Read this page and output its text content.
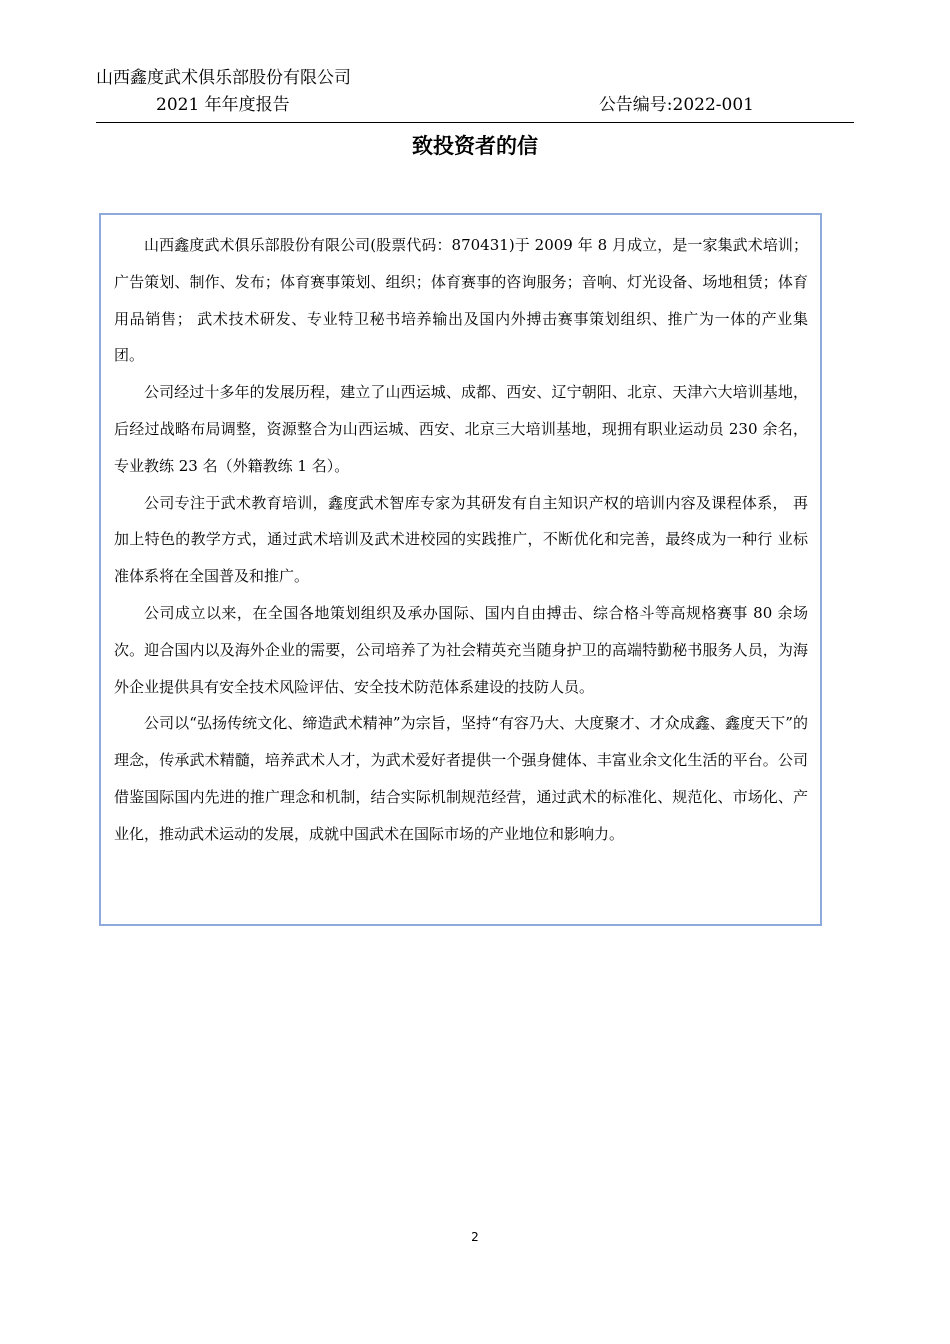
山西鑫度武术俱乐部股份有限公司
2021 年年度报告	公告编号:2022-001
致投资者的信

山西鑫度武术俱乐部股份有限公司(股票代码：870431)于 2009 年 8 月成立，是一家集武术培训；广告策划、制作、发布；体育赛事策划、组织；体育赛事的咨询服务；音响、灯光设备、场地租赁；体育用品销售； 武术技术研发、专业特卫秘书培养输出及国内外搏击赛事策划组织、推广为一体的产业集团。

公司经过十多年的发展历程，建立了山西运城、成都、西安、辽宁朝阳、北京、天津六大培训基地，后经过战略布局调整，资源整合为山西运城、西安、北京三大培训基地，现拥有职业运动员 230 余名，专业教练 23 名（外籍教练 1 名）。

公司专注于武术教育培训，鑫度武术智库专家为其研发有自主知识产权的培训内容及课程体系， 再加上特色的教学方式，通过武术培训及武术进校园的实践推广，不断优化和完善，最终成为一种行 业标准体系将在全国普及和推广。

公司成立以来，在全国各地策划组织及承办国际、国内自由搏击、综合格斗等高规格赛事 80 余场次。迎合国内以及海外企业的需要，公司培养了为社会精英充当随身护卫的高端特勤秘书服务人员，为海外企业提供具有安全技术风险评估、安全技术防范体系建设的技防人员。

公司以“弘扬传统文化、缔造武术精神”为宗旨，坚持“有容乃大、大度聚才、才众成鑫、鑫度天下”的理念，传承武术精髓，培养武术人才，为武术爱好者提供一个强身健体、丰富业余文化生活的平台。公司借鉴国际国内先进的推广理念和机制，结合实际机制规范经营，通过武术的标准化、规范化、市场化、产业化，推动武术运动的发展，成就中国武术在国际市场的产业地位和影响力。

2
